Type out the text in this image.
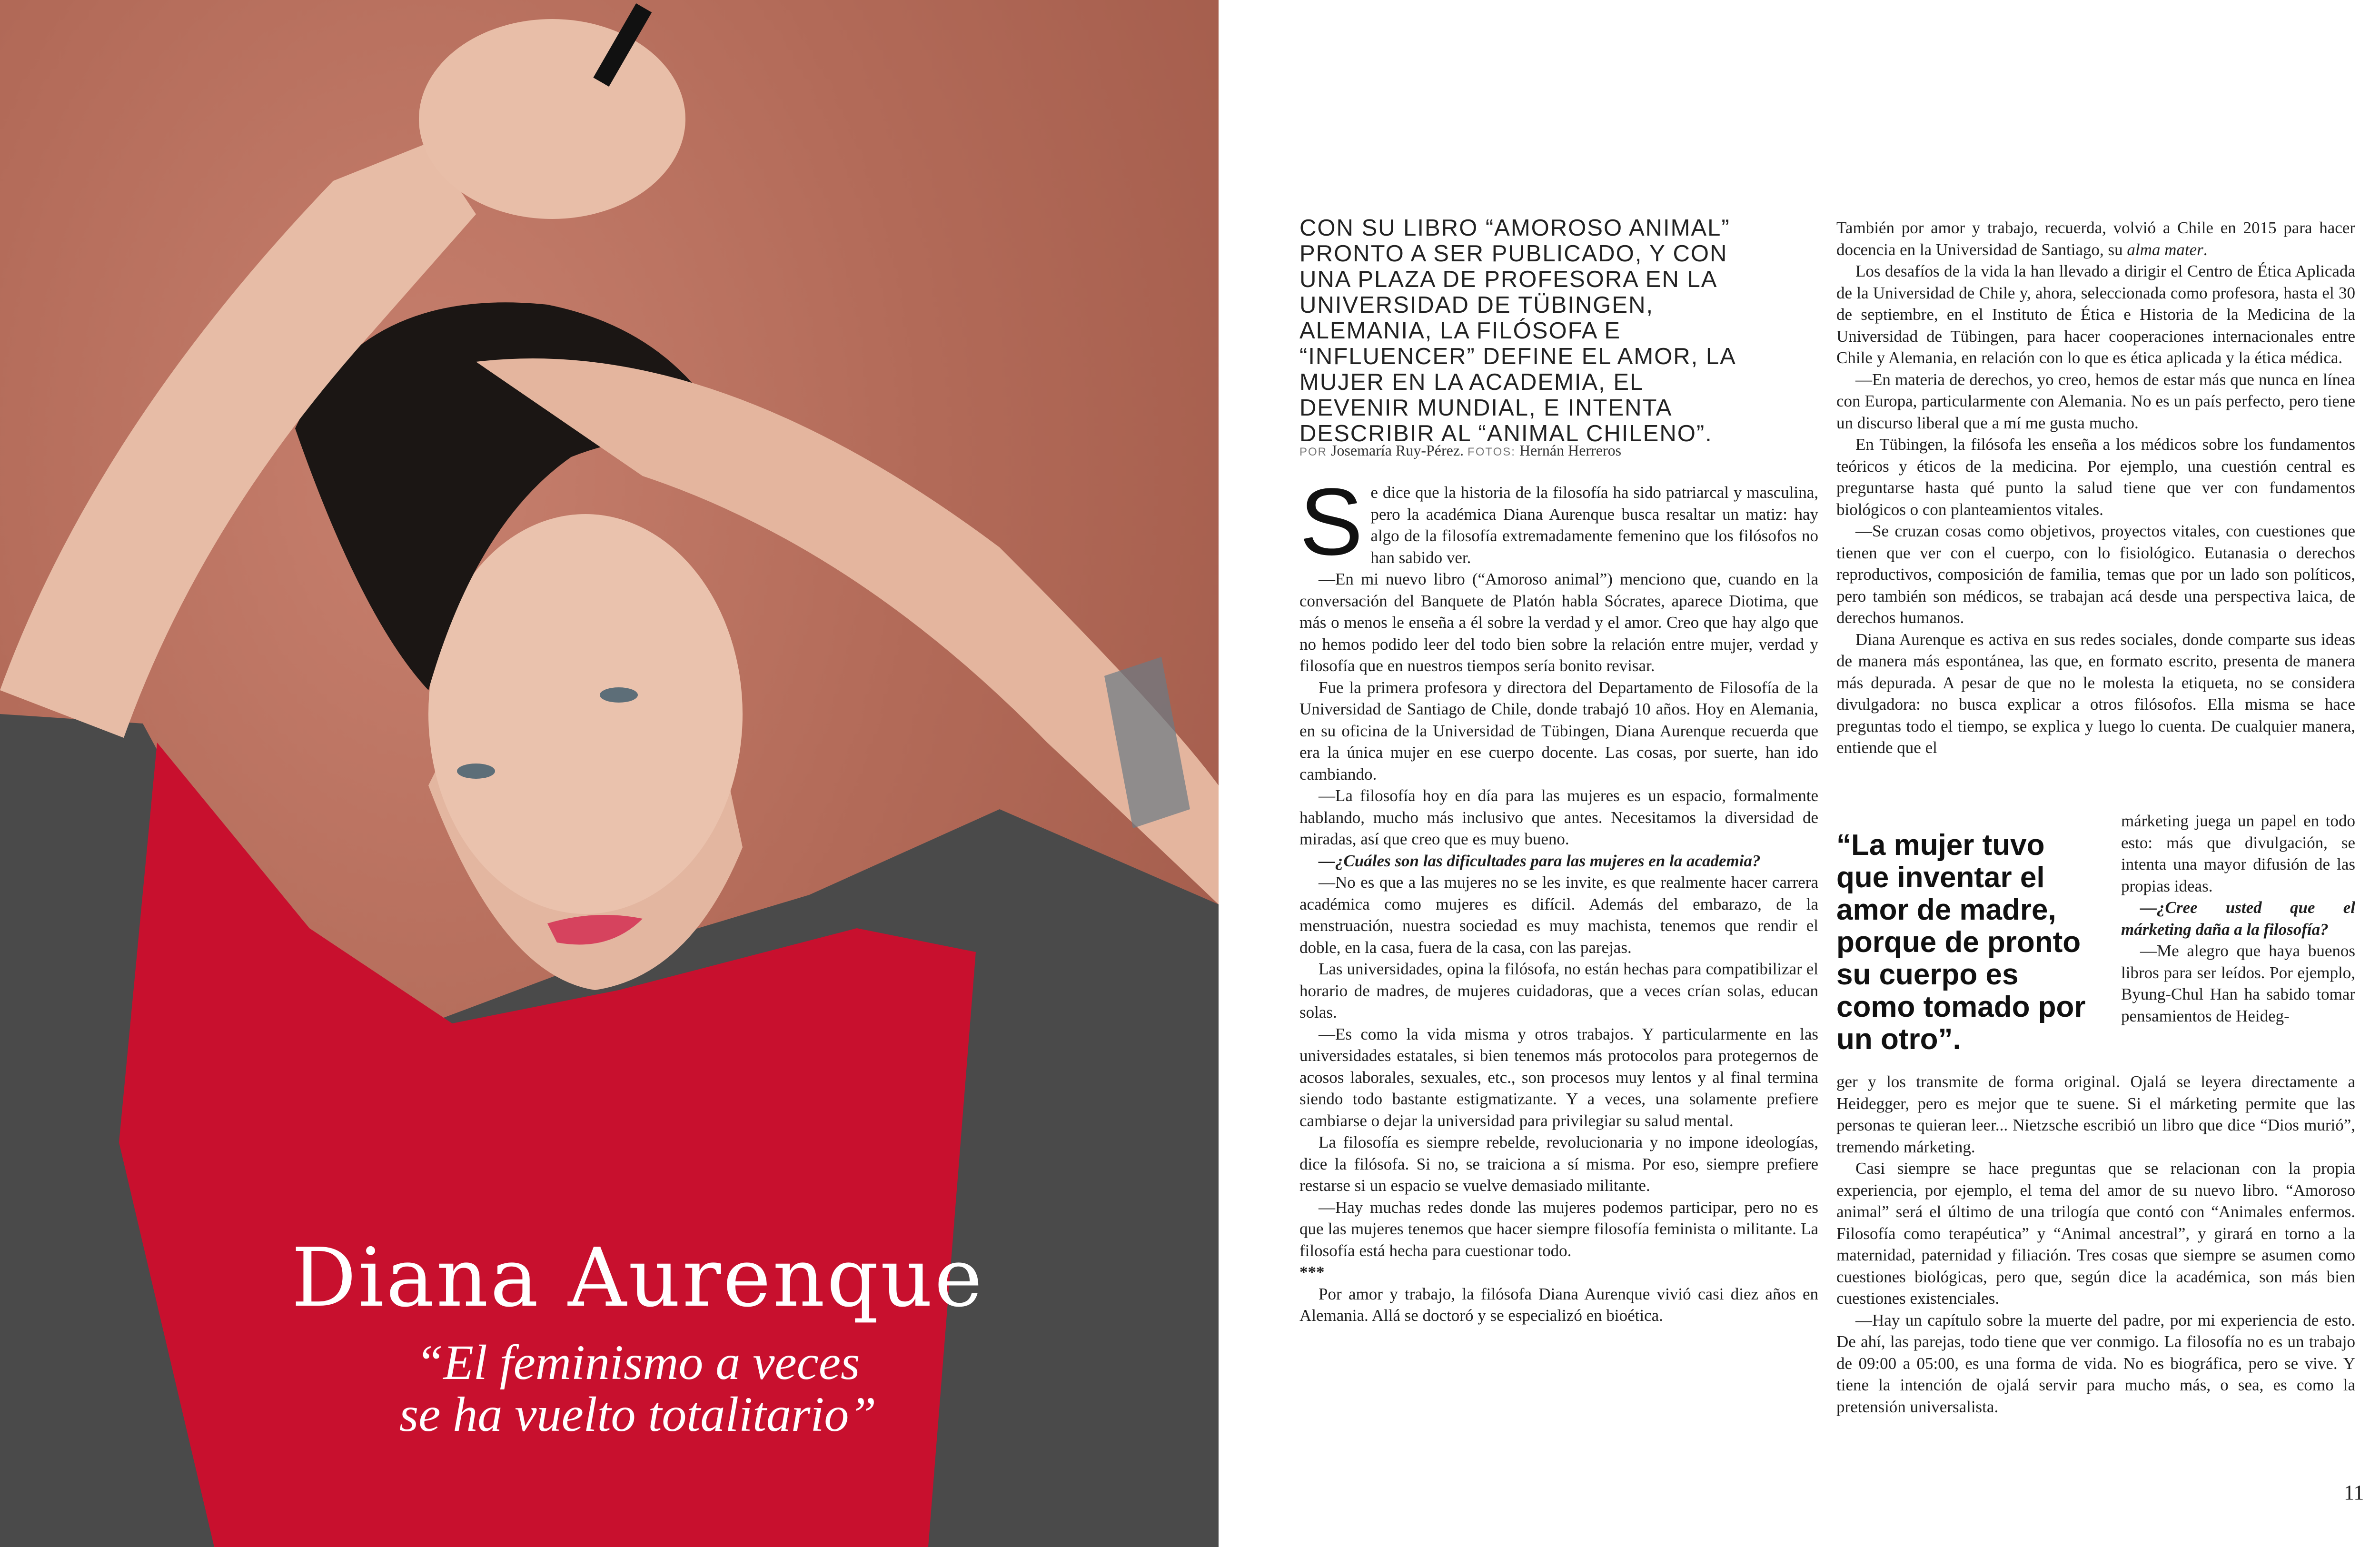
Diana Aurenque
“El feminismo a veces
se ha vuelto totalitario”
CON SU LIBRO “AMOROSO ANIMAL” PRONTO A SER PUBLICADO, Y CON UNA PLAZA DE PROFESORA EN LA UNIVERSIDAD DE TÜBINGEN, ALEMANIA, LA FILÓSOFA E “INFLUENCER” DEFINE EL AMOR, LA MUJER EN LA ACADEMIA, EL DEVENIR MUNDIAL, E INTENTA DESCRIBIR AL “ANIMAL CHILENO”.
POR Josemaría Ruy-Pérez. FOTOS: Hernán Herreros

Se dice que la historia de la filosofía ha sido patriarcal y masculina, pero la académica Diana Aurenque busca resaltar un matiz: hay algo de la filosofía extremadamente femenino que los filósofos no han sabido ver.

—En mi nuevo libro (“Amoroso animal”) menciono que, cuando en la conversación del Banquete de Platón habla Sócrates, aparece Diotima, que más o menos le enseña a él sobre la verdad y el amor. Creo que hay algo que no hemos podido leer del todo bien sobre la relación entre mujer, verdad y filosofía que en nuestros tiempos sería bonito revisar.

Fue la primera profesora y directora del Departamento de Filosofía de la Universidad de Santiago de Chile, donde trabajó 10 años. Hoy en Alemania, en su oficina de la Universidad de Tübingen, Diana Aurenque recuerda que era la única mujer en ese cuerpo docente. Las cosas, por suerte, han ido cambiando.

—La filosofía hoy en día para las mujeres es un espacio, formalmente hablando, mucho más inclusivo que antes. Necesitamos la diversidad de miradas, así que creo que es muy bueno.

—¿Cuáles son las dificultades para las mujeres en la academia?

—No es que a las mujeres no se les invite, es que realmente hacer carrera académica como mujeres es difícil. Además del embarazo, de la menstruación, nuestra sociedad es muy machista, tenemos que rendir el doble, en la casa, fuera de la casa, con las parejas.

Las universidades, opina la filósofa, no están hechas para compatibilizar el horario de madres, de mujeres cuidadoras, que a veces crían solas, educan solas.

—Es como la vida misma y otros trabajos. Y particularmente en las universidades estatales, si bien tenemos más protocolos para protegernos de acosos laborales, sexuales, etc., son procesos muy lentos y al final termina siendo todo bastante estigmatizante. Y a veces, una solamente prefiere cambiarse o dejar la universidad para privilegiar su salud mental.

La filosofía es siempre rebelde, revolucionaria y no impone ideologías, dice la filósofa. Si no, se traiciona a sí misma. Por eso, siempre prefiere restarse si un espacio se vuelve demasiado militante.

—Hay muchas redes donde las mujeres podemos participar, pero no es que las mujeres tenemos que hacer siempre filosofía feminista o militante. La filosofía está hecha para cuestionar todo.

***

Por amor y trabajo, la filósofa Diana Aurenque vivió casi diez años en Alemania. Allá se doctoró y se especializó en bioética.

También por amor y trabajo, recuerda, volvió a Chile en 2015 para hacer docencia en la Universidad de Santiago, su alma mater.

Los desafíos de la vida la han llevado a dirigir el Centro de Ética Aplicada de la Universidad de Chile y, ahora, seleccionada como profesora, hasta el 30 de septiembre, en el Instituto de Ética e Historia de la Medicina de la Universidad de Tübingen, para hacer cooperaciones internacionales entre Chile y Alemania, en relación con lo que es ética aplicada y la ética médica.

—En materia de derechos, yo creo, hemos de estar más que nunca en línea con Europa, particularmente con Alemania. No es un país perfecto, pero tiene un discurso liberal que a mí me gusta mucho.

En Tübingen, la filósofa les enseña a los médicos sobre los fundamentos teóricos y éticos de la medicina. Por ejemplo, una cuestión central es preguntarse hasta qué punto la salud tiene que ver con fundamentos biológicos o con planteamientos vitales.

—Se cruzan cosas como objetivos, proyectos vitales, con cuestiones que tienen que ver con el cuerpo, con lo fisiológico. Eutanasia o derechos reproductivos, composición de familia, temas que por un lado son políticos, pero también son médicos, se trabajan acá desde una perspectiva laica, de derechos humanos.

Diana Aurenque es activa en sus redes sociales, donde comparte sus ideas de manera más espontánea, las que, en formato escrito, presenta de manera más depurada. A pesar de que no le molesta la etiqueta, no se considera divulgadora: no busca explicar a otros filósofos. Ella misma se hace preguntas todo el tiempo, se explica y luego lo cuenta. De cualquier manera, entiende que el

“La mujer tuvo que inventar el amor de madre, porque de pronto su cuerpo es como tomado por un otro”.

márketing juega un papel en todo esto: más que divulgación, se intenta una mayor difusión de las propias ideas.

—¿Cree usted que el márketing daña a la filosofía?

—Me alegro que haya buenos libros para ser leídos. Por ejemplo, Byung-Chul Han ha sabido tomar pensamientos de Heideg-

ger y los transmite de forma original. Ojalá se leyera directamente a Heidegger, pero es mejor que te suene. Si el márketing permite que las personas te quieran leer... Nietzsche escribió un libro que dice “Dios murió”, tremendo márketing.

Casi siempre se hace preguntas que se relacionan con la propia experiencia, por ejemplo, el tema del amor de su nuevo libro. “Amoroso animal” será el último de una trilogía que contó con “Animales enfermos. Filosofía como terapéutica” y “Animal ancestral”, y girará en torno a la maternidad, paternidad y filiación. Tres cosas que siempre se asumen como cuestiones biológicas, pero que, según dice la académica, son más bien cuestiones existenciales.

—Hay un capítulo sobre la muerte del padre, por mi experiencia de esto. De ahí, las parejas, todo tiene que ver conmigo. La filosofía no es un trabajo de 09:00 a 05:00, es una forma de vida. No es biográfica, pero se vive. Y tiene la intención de ojalá servir para mucho más, o sea, es como la pretensión universalista.

11
